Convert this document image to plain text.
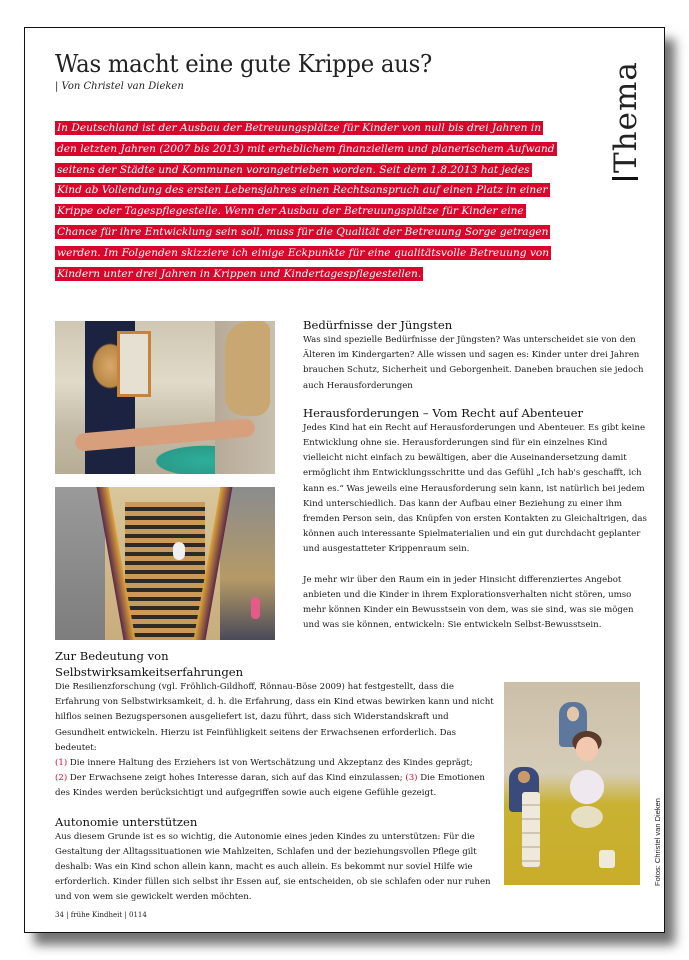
Was macht eine gute Krippe aus?
| Von Christel van Dieken	Thema
In Deutschland ist der Ausbau der Betreuungsplätze für Kinder von null bis drei Jahren in den letzten Jahren (2007 bis 2013) mit erheblichem finanziellem und planerischem Aufwand seitens der Städte und Kommunen vorangetrieben worden. Seit dem 1.8.2013 hat jedes Kind ab Vollendung des ersten Lebensjahres einen Rechtsanspruch auf einen Platz in einer Krippe oder Tagespflegestelle. Wenn der Ausbau der Betreuungsplätze für Kinder eine Chance für ihre Entwicklung sein soll, muss für die Qualität der Betreuung Sorge getragen werden. Im Folgenden skizziere ich einige Eckpunkte für eine qualitätsvolle Betreuung von Kindern unter drei Jahren in Krippen und Kindertagespflegestellen.
Bedürfnisse der Jüngsten

Was sind spezielle Bedürfnisse der Jüngsten? Was unterscheidet sie von den Älteren im Kindergarten? Alle wissen und sagen es: Kinder unter drei Jahren brauchen Schutz, Sicherheit und Geborgenheit. Daneben brauchen sie jedoch auch Herausforderungen

Herausforderungen – Vom Recht auf Abenteuer

Jedes Kind hat ein Recht auf Herausforderungen und Abenteuer. Es gibt keine Entwicklung ohne sie. Herausforderungen sind für ein einzelnes Kind vielleicht nicht einfach zu bewältigen, aber die Auseinandersetzung damit ermöglicht ihm Entwicklungsschritte und das Gefühl „Ich hab's geschafft, ich kann es.“ Was jeweils eine Herausforderung sein kann, ist natürlich bei jedem Kind unterschiedlich. Das kann der Aufbau einer Beziehung zu einer ihm fremden Person sein, das Knüpfen von ersten Kontakten zu Gleichaltrigen, das können auch interessante Spielmaterialien und ein gut durchdacht geplanter und ausgestatteter Krippenraum sein.

Je mehr wir über den Raum ein in jeder Hinsicht differenziertes Angebot anbieten und die Kinder in ihrem Explorationsverhalten nicht stören, umso mehr können Kinder ein Bewusstsein von dem, was sie sind, was sie mögen und was sie können, entwickeln: Sie entwickeln Selbst-Bewusstsein.

Zur Bedeutung von
Selbstwirksamkeitserfahrungen

Die Resilienzforschung (vgl. Fröhlich-Gildhoff, Rönnau-Böse 2009) hat festgestellt, dass die Erfahrung von Selbstwirksamkeit, d. h. die Erfahrung, dass ein Kind etwas bewirken kann und nicht hilflos seinen Bezugspersonen ausgeliefert ist, dazu führt, dass sich Widerstandskraft und Gesundheit entwickeln. Hierzu ist Feinfühligkeit seitens der Erwachsenen erforderlich. Das bedeutet:
(1) Die innere Haltung des Erziehers ist von Wertschätzung und Akzeptanz des Kindes geprägt;
(2) Der Erwachsene zeigt hohes Interesse daran, sich auf das Kind einzulassen; (3) Die Emotionen des Kindes werden berücksichtigt und aufgegriffen sowie auch eigene Gefühle gezeigt.

Autonomie unterstützen

Aus diesem Grunde ist es so wichtig, die Autonomie eines jeden Kindes zu unterstützen: Für die Gestaltung der Alltagssituationen wie Mahlzeiten, Schlafen und der beziehungsvollen Pflege gilt deshalb: Was ein Kind schon allein kann, macht es auch allein. Es bekommt nur soviel Hilfe wie erforderlich. Kinder füllen sich selbst ihr Essen auf, sie entscheiden, ob sie schlafen oder nur ruhen und von wem sie gewickelt werden möchten.

Fotos: Christel van Dieken
34 | frühe Kindheit | 0114
